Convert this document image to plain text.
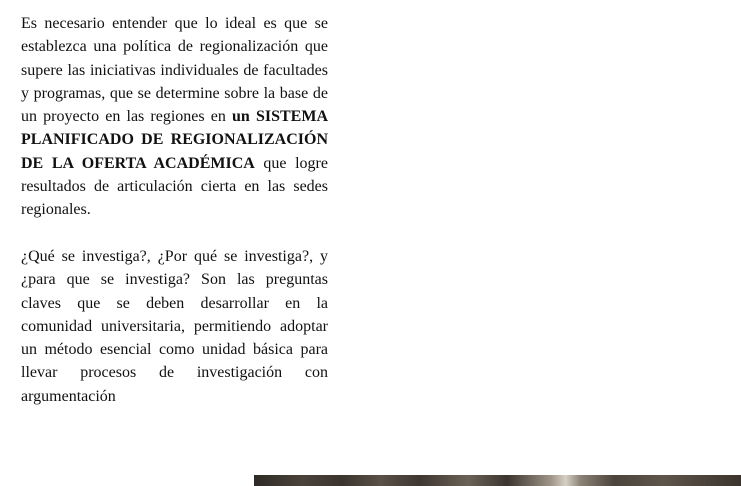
Es necesario entender que lo ideal es que se establezca una política de regionalización que supere las iniciativas individuales de facultades y programas, que se determine sobre la base de un proyecto en las regiones en un SISTEMA PLANIFICADO DE REGIONALIZACIÓN DE LA OFERTA ACADÉMICA que logre resultados de articulación cierta en las sedes regionales.

¿Qué se investiga?, ¿Por qué se investiga?, y ¿para que se investiga? Son las preguntas claves que se deben desarrollar en la comunidad universitaria, permitiendo adoptar un método esencial como unidad básica para llevar procesos de investigación con argumentación
